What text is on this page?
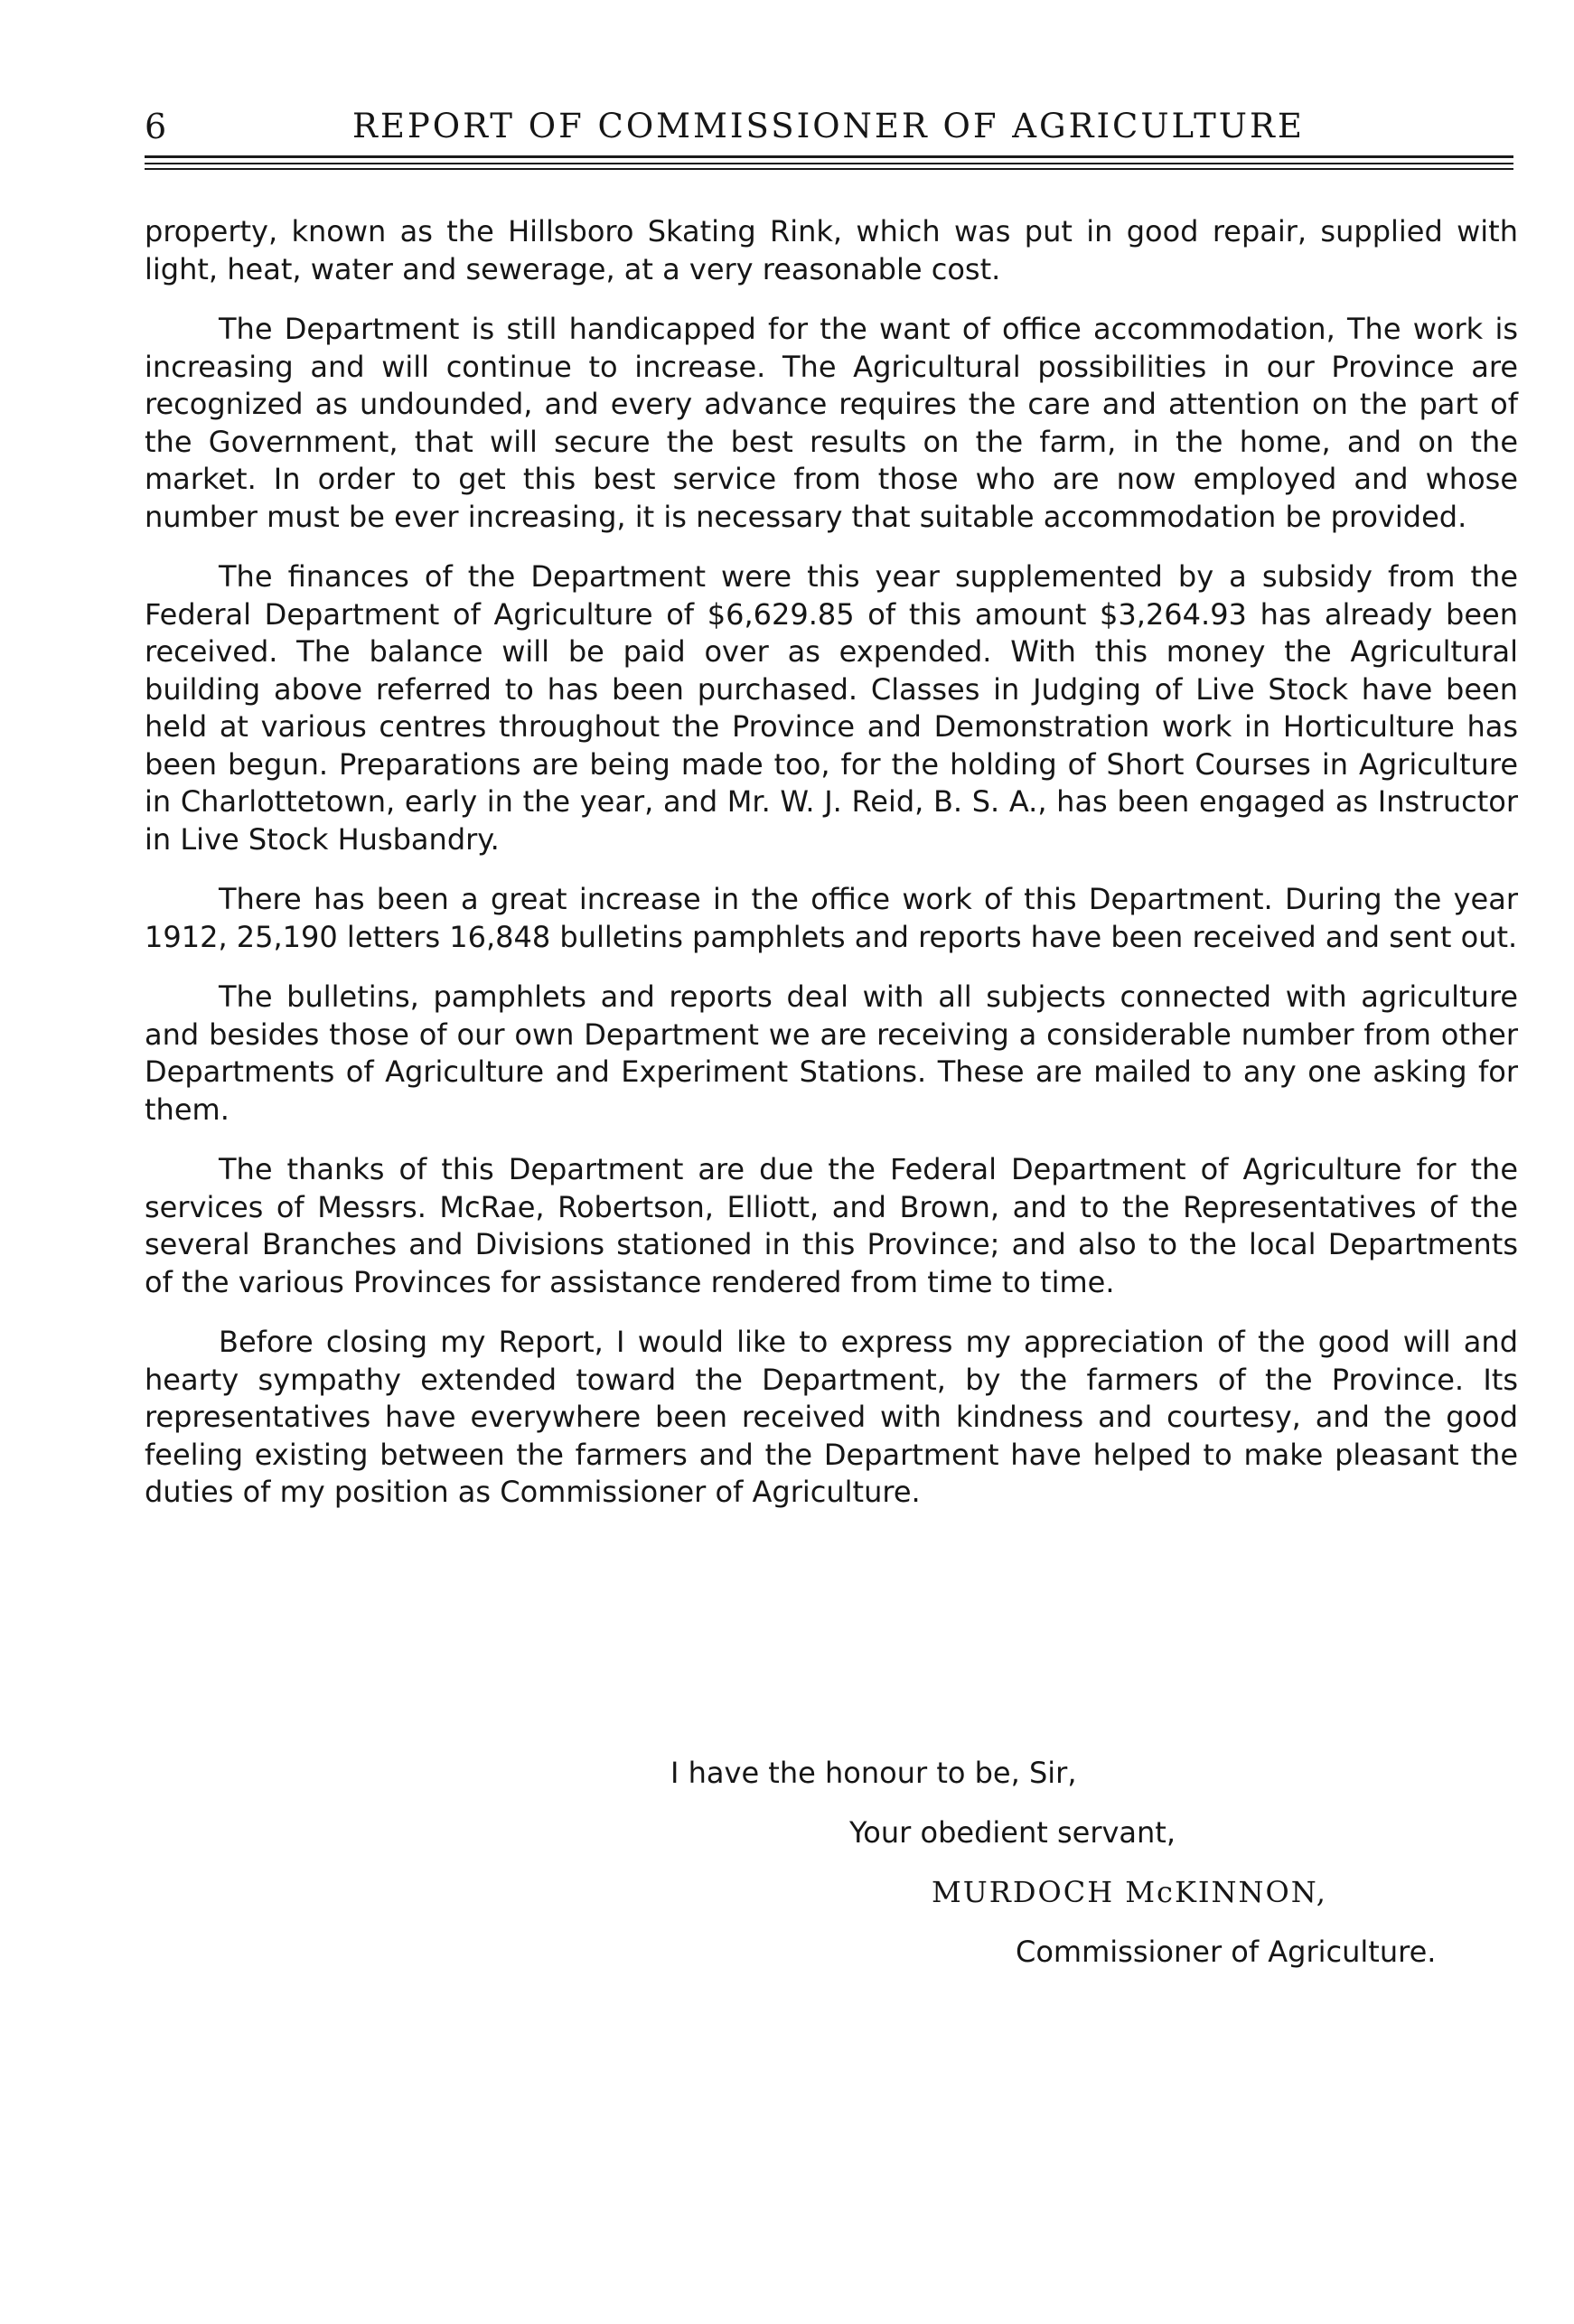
6	REPORT OF COMMISSIONER OF AGRICULTURE

property, known as the Hillsboro Skating Rink, which was put in good repair, supplied with light, heat, water and sewerage, at a very reasonable cost.

The Department is still handicapped for the want of office accommodation, The work is increasing and will continue to increase. The Agricultural possibilities in our Province are recognized as undounded, and every advance requires the care and attention on the part of the Government, that will secure the best results on the farm, in the home, and on the market. In order to get this best service from those who are now employed and whose number must be ever increasing, it is necessary that suitable accommodation be provided.

The finances of the Department were this year supplemented by a subsidy from the Federal Department of Agriculture of $6,629.85 of this amount $3,264.93 has already been received. The balance will be paid over as expended. With this money the Agricultural building above referred to has been purchased. Classes in Judging of Live Stock have been held at various centres throughout the Province and Demonstration work in Horticulture has been begun. Preparations are being made too, for the holding of Short Courses in Agriculture in Charlottetown, early in the year, and Mr. W. J. Reid, B. S. A., has been engaged as Instructor in Live Stock Husbandry.

There has been a great increase in the office work of this Department. During the year 1912, 25,190 letters 16,848 bulletins pamphlets and reports have been received and sent out.

The bulletins, pamphlets and reports deal with all subjects connected with agriculture and besides those of our own Department we are receiving a considerable number from other Departments of Agriculture and Experiment Stations. These are mailed to any one asking for them.

The thanks of this Department are due the Federal Department of Agriculture for the services of Messrs. McRae, Robertson, Elliott, and Brown, and to the Representatives of the several Branches and Divisions stationed in this Province; and also to the local Departments of the various Provinces for assistance rendered from time to time.

Before closing my Report, I would like to express my appreciation of the good will and hearty sympathy extended toward the Department, by the farmers of the Province. Its representatives have everywhere been received with kindness and courtesy, and the good feeling existing between the farmers and the Department have helped to make pleasant the duties of my position as Commissioner of Agriculture.

I have the honour to be, Sir,
Your obedient servant,
MURDOCH McKINNON,
Commissioner of Agriculture.
